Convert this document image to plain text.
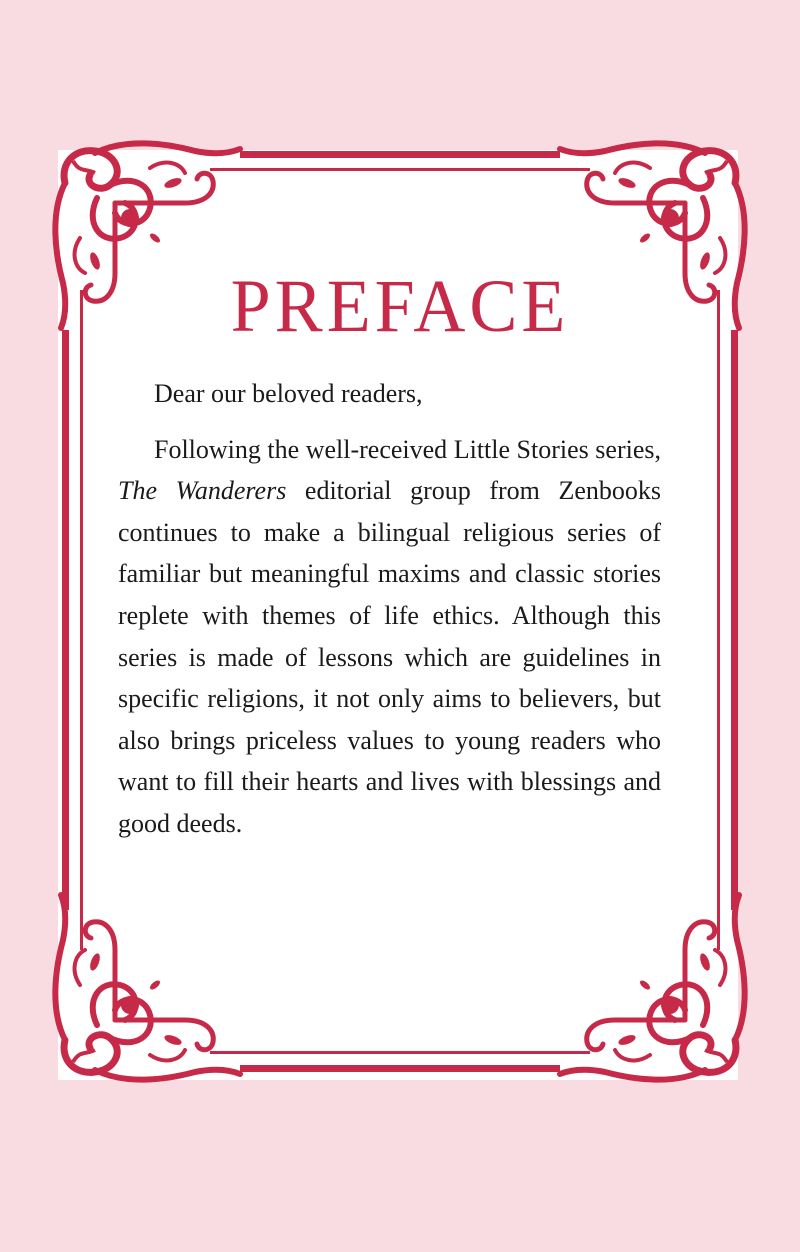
PREFACE

Dear our beloved readers,

Following the well-received Little Stories series, The Wanderers editorial group from Zenbooks continues to make a bilingual religious series of familiar but meaningful maxims and classic stories replete with themes of life ethics. Although this series is made of lessons which are guidelines in specific religions, it not only aims to believers, but also brings priceless values to young readers who want to fill their hearts and lives with blessings and good deeds.
